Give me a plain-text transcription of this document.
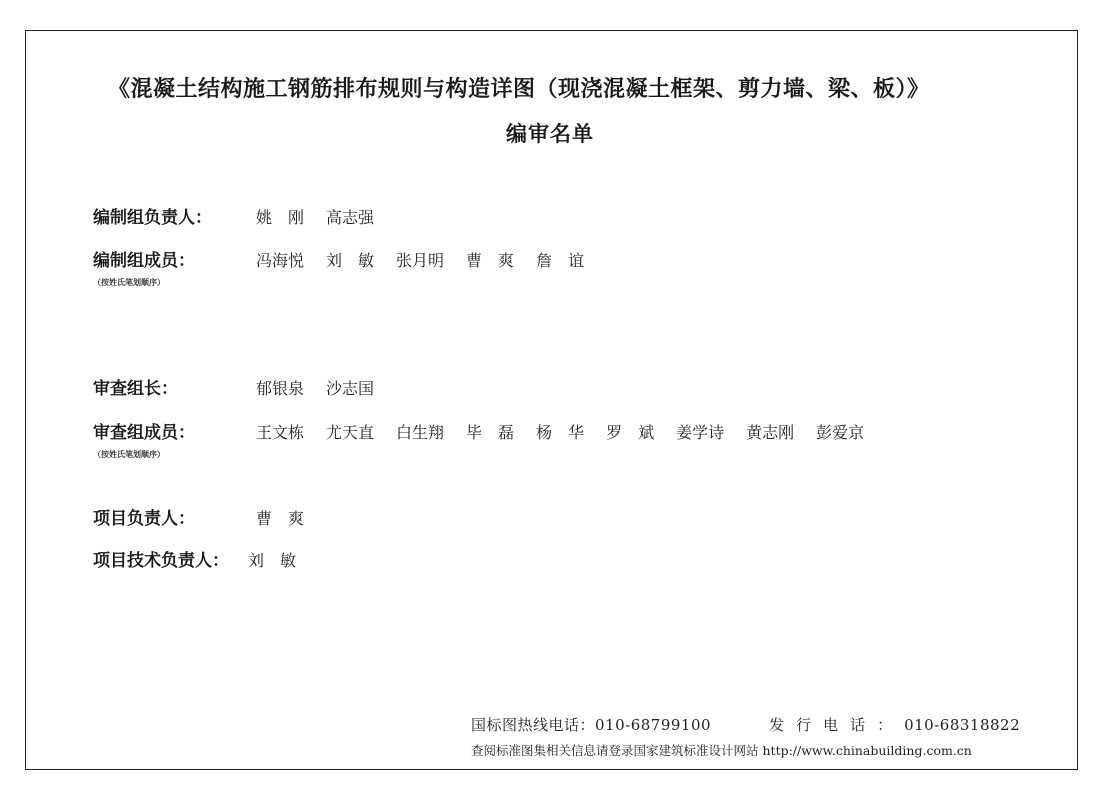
《混凝土结构施工钢筋排布规则与构造详图（现浇混凝土框架、剪力墙、梁、板）》
编审名单
编制组负责人：	姚　刚 高志强
编制组成员：	冯海悦 刘　敏 张月明 曹　爽 詹　谊
（按姓氏笔划顺序）
审查组长：	郁银泉 沙志国
审查组成员：	王文栋 尤天直 白生翔 毕　磊 杨　华 罗　斌 姜学诗 黄志刚 彭爱京
（按姓氏笔划顺序）
项目负责人：	曹　爽
项目技术负责人：	刘　敏
国标图热线电话：010-68799100	发行电话：010-68318822
查阅标准图集相关信息请登录国家建筑标准设计网站 http://www.chinabuilding.com.cn
